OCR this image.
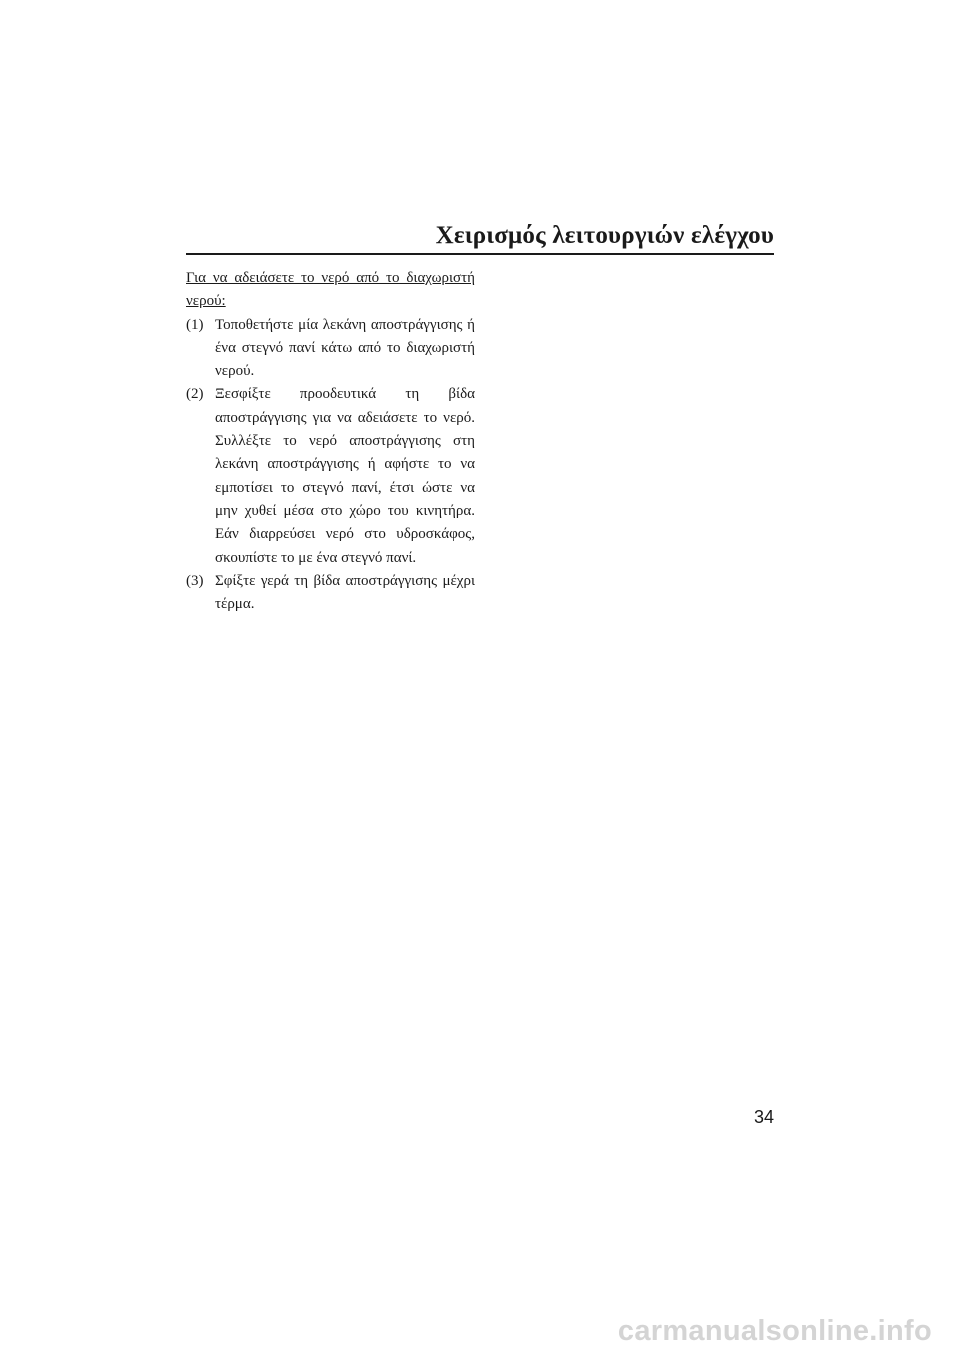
Χειρισμός λειτουργιών ελέγχου

Για να αδειάσετε το νερό από το διαχωριστή νερού:

(1) Τοποθετήστε μία λεκάνη αποστράγγισης ή ένα στεγνό πανί κάτω από το διαχωριστή νερού.
(2) Ξεσφίξτε προοδευτικά τη βίδα αποστράγγισης για να αδειάσετε το νερό. Συλλέξτε το νερό αποστράγγισης στη λεκάνη αποστράγγισης ή αφήστε το να εμποτίσει το στεγνό πανί, έτσι ώστε να μην χυθεί μέσα στο χώρο του κινητήρα. Εάν διαρρεύσει νερό στο υδροσκάφος, σκουπίστε το με ένα στεγνό πανί.
(3) Σφίξτε γερά τη βίδα αποστράγγισης μέχρι τέρμα.
34
carmanualsonline.info
